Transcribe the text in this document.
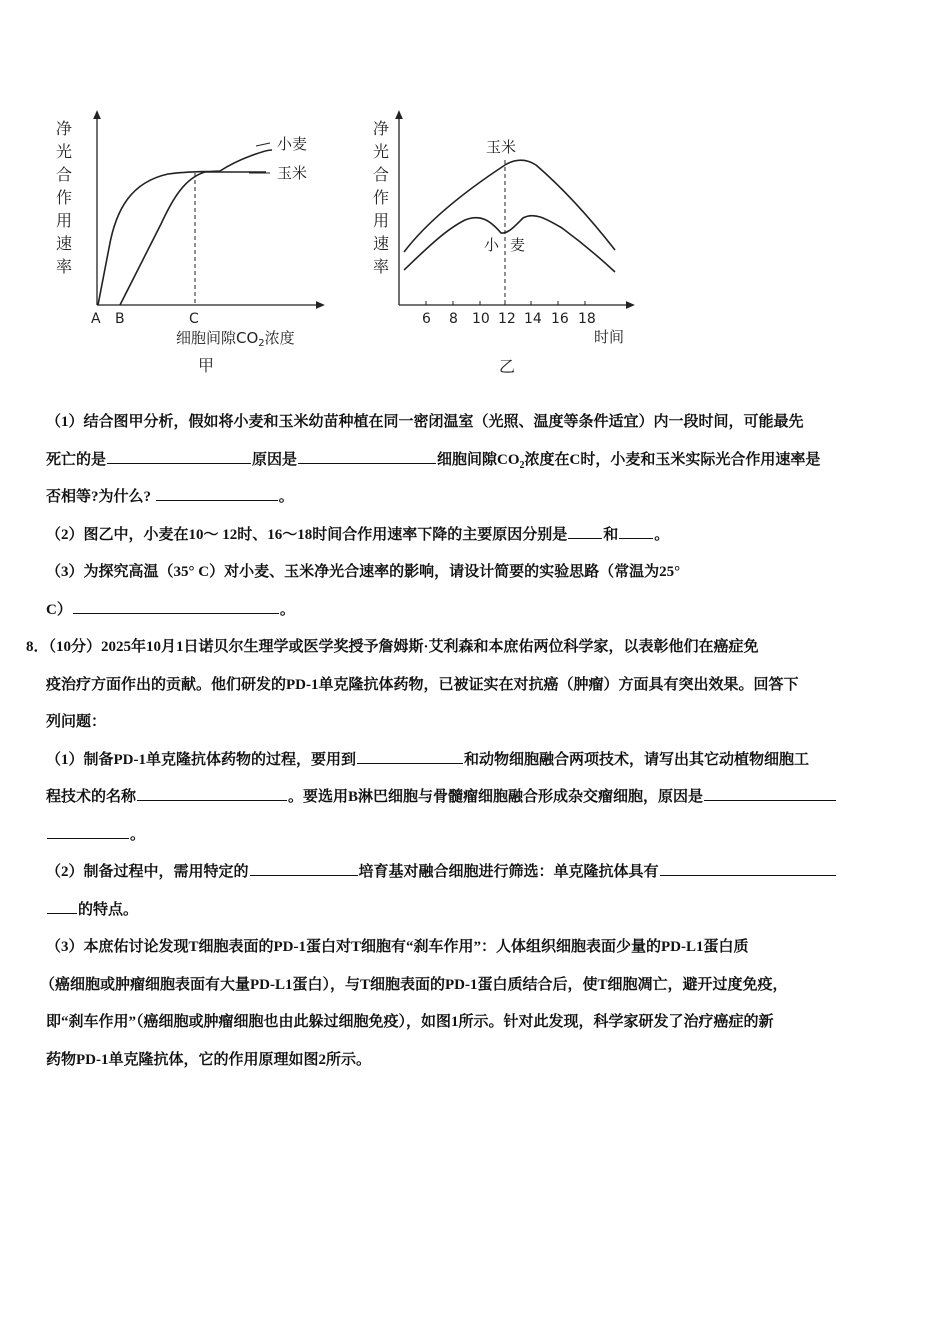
净
光
合
作
用
速
率
小麦
玉米
A B	C
细胞间隙$CO_2$浓度
甲
净
光
合
作
用
速
率
玉米
小 麦
6 8 10 12 14 16 18
时间
乙

（1）结合图甲分析，假如将小麦和玉米幼苗种植在同一密闭温室（光照、温度等条件适宜）内一段时间，可能最先

死亡的是	原因是	细胞间隙$CO_2$浓度在C时，小麦和玉米实际光合作用速率是

否相等?为什么?	。

（2）图乙中，小麦在10～ 12时、16～18时间合作用速率下降的主要原因分别是 和 。

（3）为探究高温（35° C）对小麦、玉米净光合速率的影响，请设计简要的实验思路（常温为25°

C）	。

8．（10分）2025年10月1日诺贝尔生理学或医学奖授予詹姆斯·艾利森和本庶佑两位科学家，以表彰他们在癌症免

疫治疗方面作出的贡献。他们研发的PD-1单克隆抗体药物，已被证实在对抗癌（肿瘤）方面具有突出效果。回答下

列问题：

（1）制备PD-1单克隆抗体药物的过程，要用到	和动物细胞融合两项技术，请写出其它动植物细胞工

程技术的名称	。要选用B淋巴细胞与骨髓瘤细胞融合形成杂交瘤细胞，原因是

。

（2）制备过程中，需用特定的	培育基对融合细胞进行筛选：单克隆抗体具有

的特点。

（3）本庶佑讨论发现T细胞表面的PD-1蛋白对T细胞有“刹车作用”：人体组织细胞表面少量的PD-L1蛋白质

（癌细胞或肿瘤细胞表面有大量PD-L1蛋白），与T细胞表面的PD-1蛋白质结合后，使T细胞凋亡，避开过度免疫，

即“刹车作用”（癌细胞或肿瘤细胞也由此躲过细胞免疫），如图1所示。针对此发现，科学家研发了治疗癌症的新

药物PD-1单克隆抗体，它的作用原理如图2所示。
